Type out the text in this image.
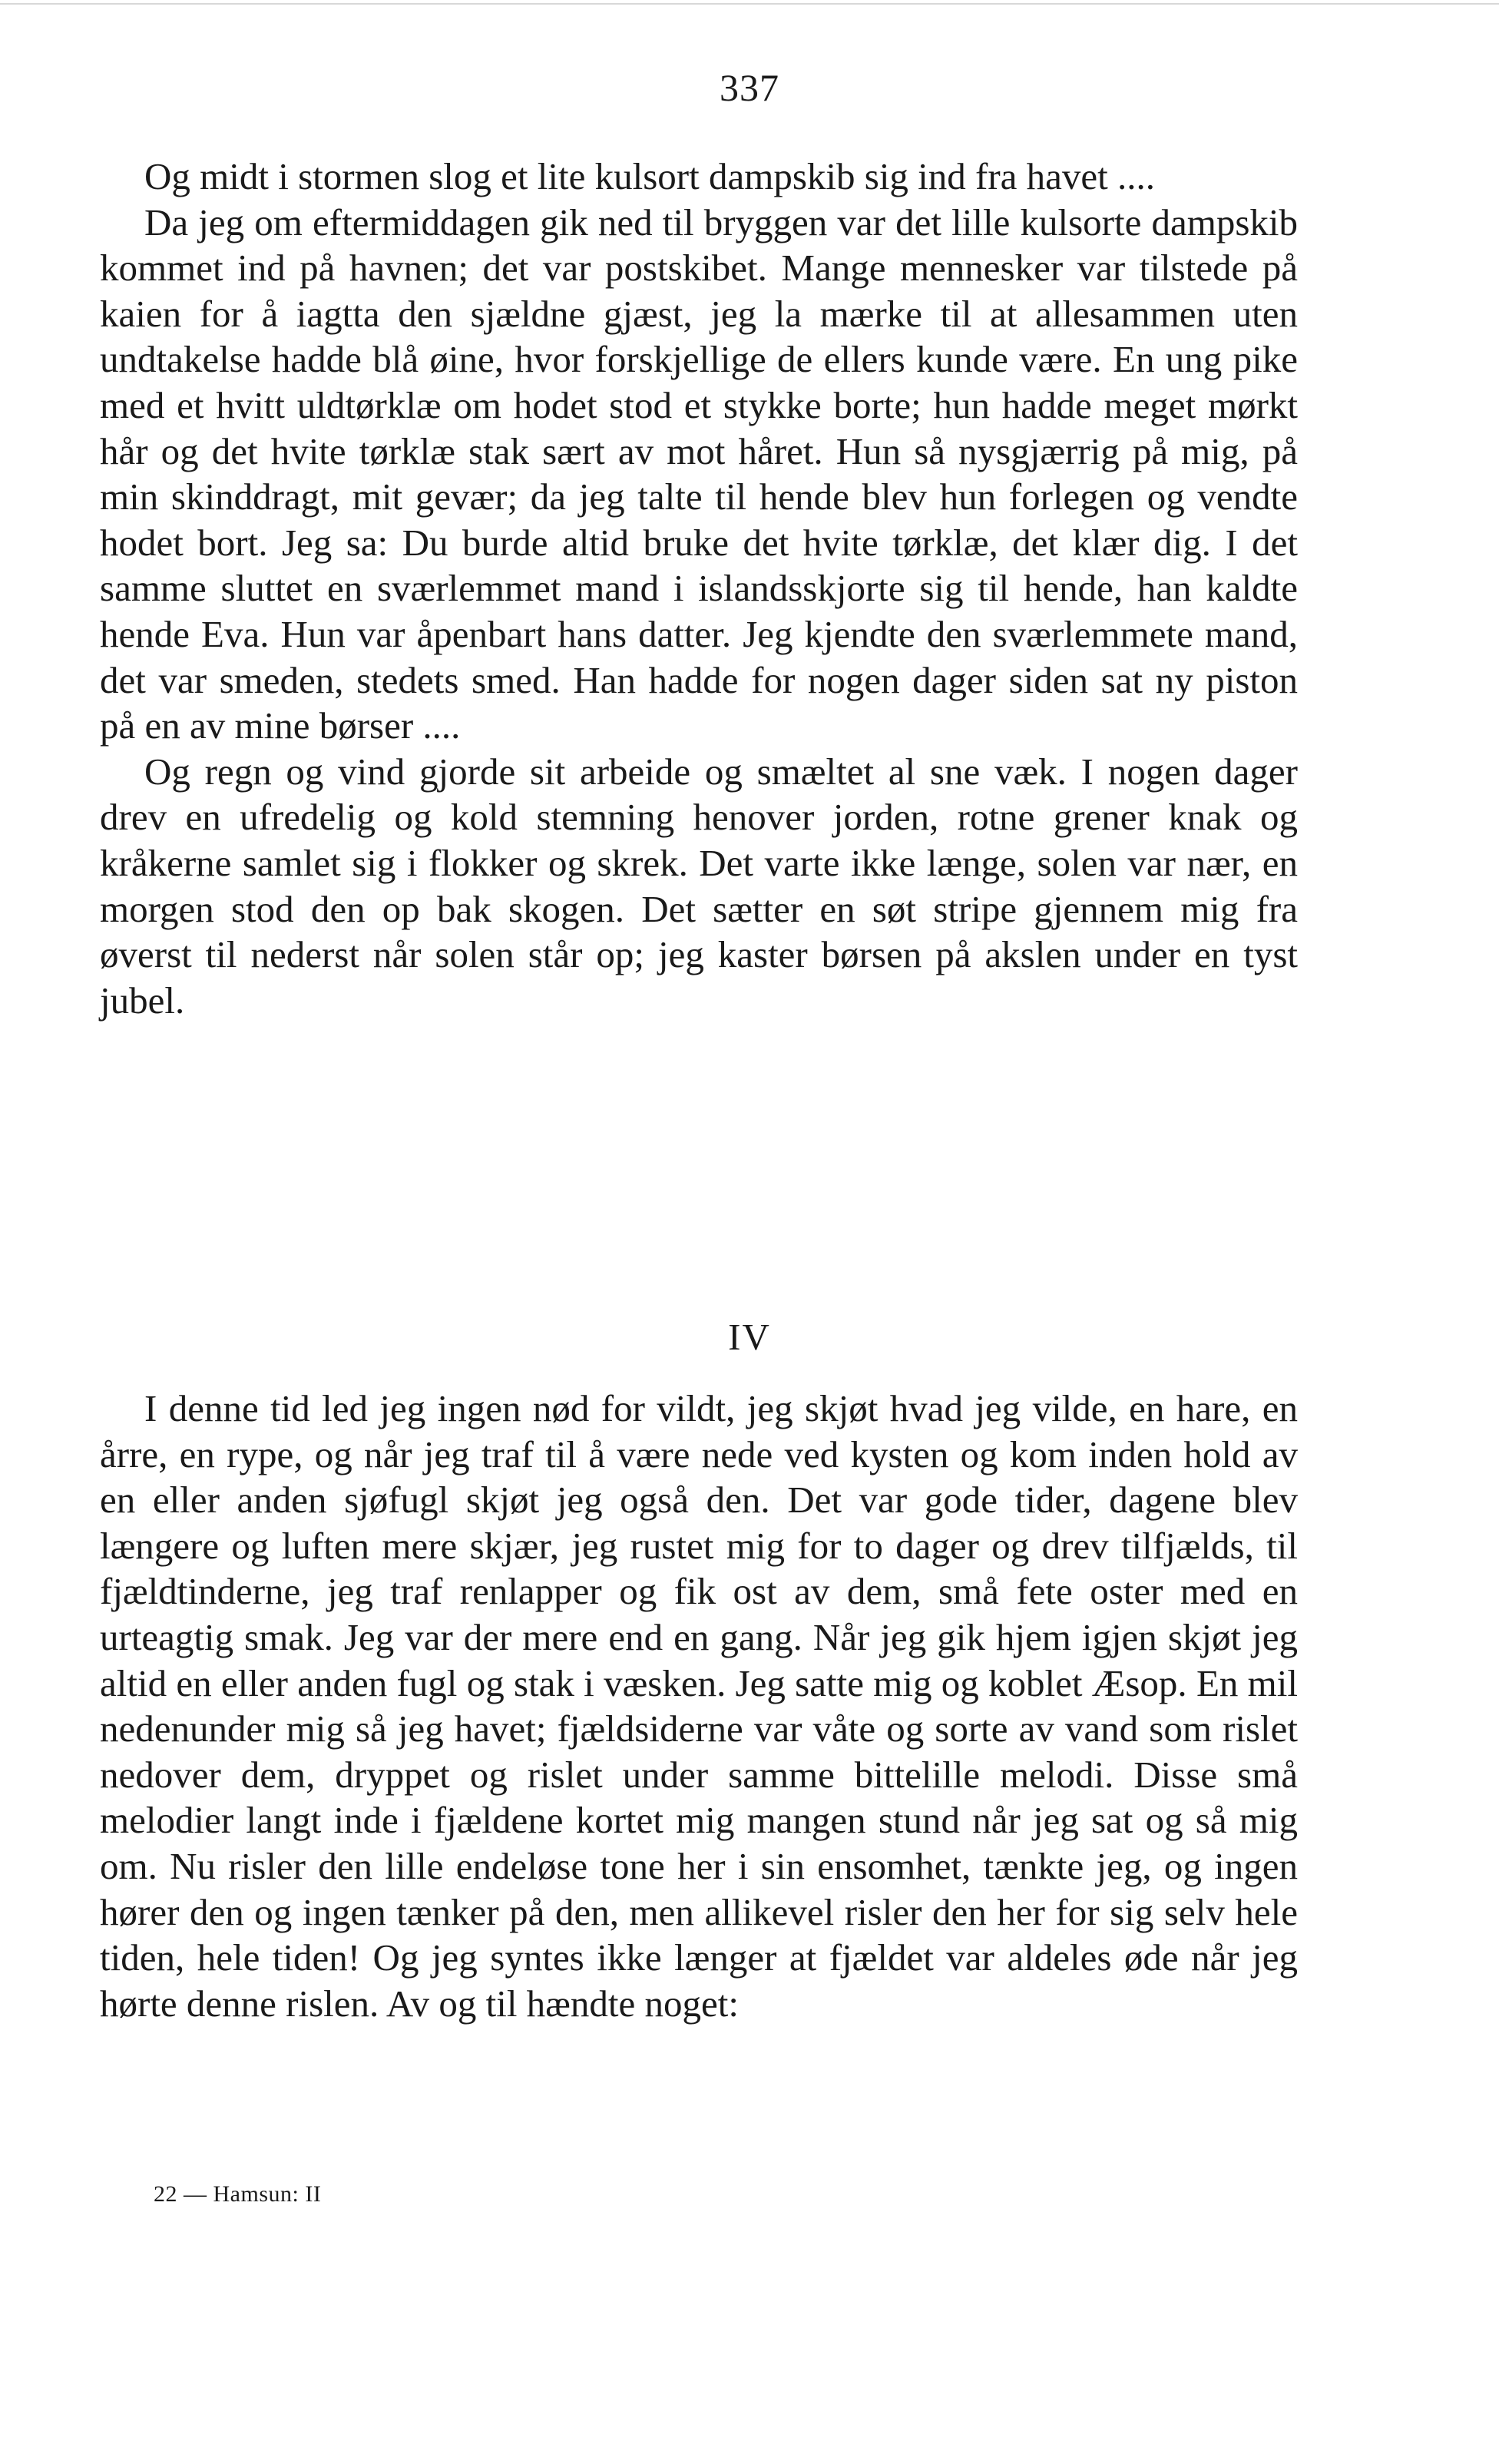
337

Og midt i stormen slog et lite kulsort dampskib sig ind fra havet ....

Da jeg om eftermiddagen gik ned til bryggen var det lille kulsorte dampskib kommet ind på havnen; det var postskibet. Mange mennesker var tilstede på kaien for å iagtta den sjældne gjæst, jeg la mærke til at allesammen uten undtakelse hadde blå øine, hvor forskjellige de ellers kunde være. En ung pike med et hvitt uldtørklæ om hodet stod et stykke borte; hun hadde meget mørkt hår og det hvite tørklæ stak sært av mot håret. Hun så nysgjærrig på mig, på min skinddragt, mit gevær; da jeg talte til hende blev hun forlegen og vendte hodet bort. Jeg sa: Du burde altid bruke det hvite tørklæ, det klær dig. I det samme sluttet en sværlemmet mand i islandsskjorte sig til hende, han kaldte hende Eva. Hun var åpenbart hans datter. Jeg kjendte den sværlemmete mand, det var smeden, stedets smed. Han hadde for nogen dager siden sat ny piston på en av mine børser ....

Og regn og vind gjorde sit arbeide og smæltet al sne væk. I nogen dager drev en ufredelig og kold stemning henover jorden, rotne grener knak og kråkerne samlet sig i flokker og skrek. Det varte ikke længe, solen var nær, en morgen stod den op bak skogen. Det sætter en søt stripe gjennem mig fra øverst til nederst når solen står op; jeg kaster børsen på akslen under en tyst jubel.

IV

I denne tid led jeg ingen nød for vildt, jeg skjøt hvad jeg vilde, en hare, en årre, en rype, og når jeg traf til å være nede ved kysten og kom inden hold av en eller anden sjøfugl skjøt jeg også den. Det var gode tider, dagene blev længere og luften mere skjær, jeg rustet mig for to dager og drev tilfjælds, til fjældtinderne, jeg traf renlapper og fik ost av dem, små fete oster med en urteagtig smak. Jeg var der mere end en gang. Når jeg gik hjem igjen skjøt jeg altid en eller anden fugl og stak i væsken. Jeg satte mig og koblet Æsop. En mil nedenunder mig så jeg havet; fjældsiderne var våte og sorte av vand som rislet nedover dem, dryppet og rislet under samme bittelille melodi. Disse små melodier langt inde i fjældene kortet mig mangen stund når jeg sat og så mig om. Nu risler den lille endeløse tone her i sin ensomhet, tænkte jeg, og ingen hører den og ingen tænker på den, men allikevel risler den her for sig selv hele tiden, hele tiden! Og jeg syntes ikke længer at fjældet var aldeles øde når jeg hørte denne rislen. Av og til hændte noget:

22 — Hamsun: II
